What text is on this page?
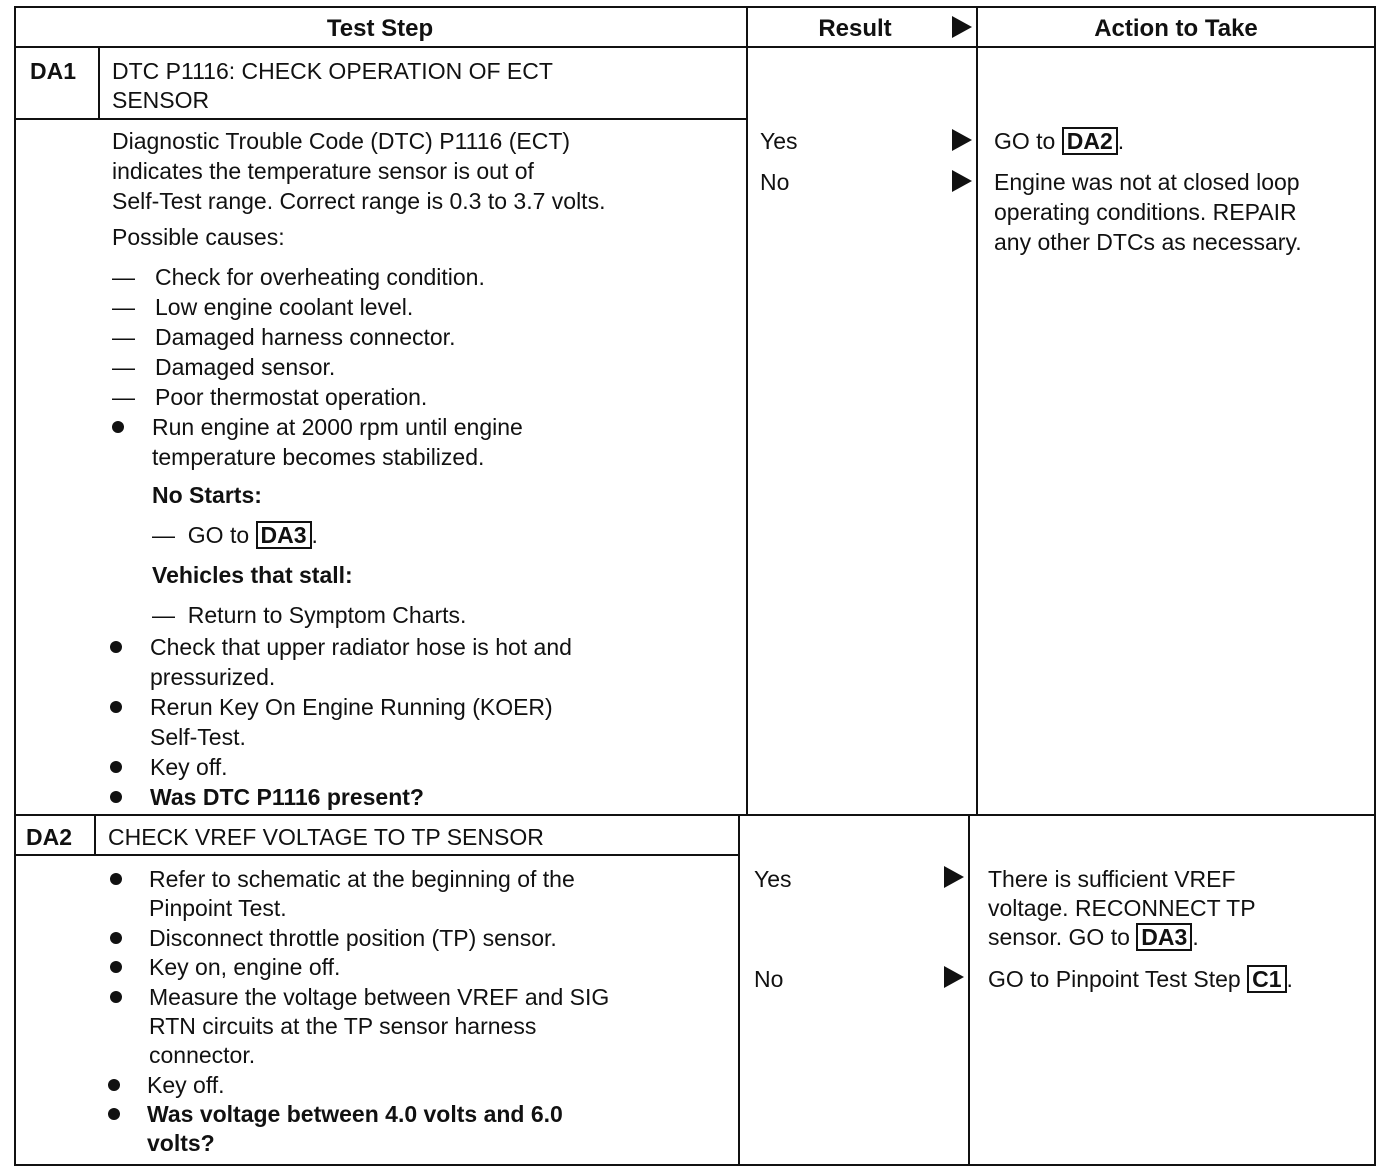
Test Step	Result	Action to Take
DA1 DTC P1116: CHECK OPERATION OF ECT
SENSOR
Diagnostic Trouble Code (DTC) P1116 (ECT)
indicates the temperature sensor is out of
Self-Test range. Correct range is 0.3 to 3.7 volts.
Possible causes:
— Check for overheating condition.
— Low engine coolant level.
— Damaged harness connector.
— Damaged sensor.
— Poor thermostat operation.
Run engine at 2000 rpm until engine
temperature becomes stabilized.
No Starts:
—  GO to DA3 .
Vehicles that stall:
—  Return to Symptom Charts.
Check that upper radiator hose is hot and
pressurized.
Rerun Key On Engine Running (KOER)
Self-Test.
Key off.
Was DTC P1116 present?
Yes
No
GO to DA2 .
Engine was not at closed loop
operating conditions. REPAIR
any other DTCs as necessary.
DA2 CHECK VREF VOLTAGE TO TP SENSOR
Refer to schematic at the beginning of the
Pinpoint Test.
Disconnect throttle position (TP) sensor.
Key on, engine off.
Measure the voltage between VREF and SIG
RTN circuits at the TP sensor harness
connector.
Key off.
Was voltage between 4.0 volts and 6.0
volts?
Yes
No
There is sufficient VREF
voltage. RECONNECT TP
sensor. GO to DA3 .
GO to Pinpoint Test Step C1 .
